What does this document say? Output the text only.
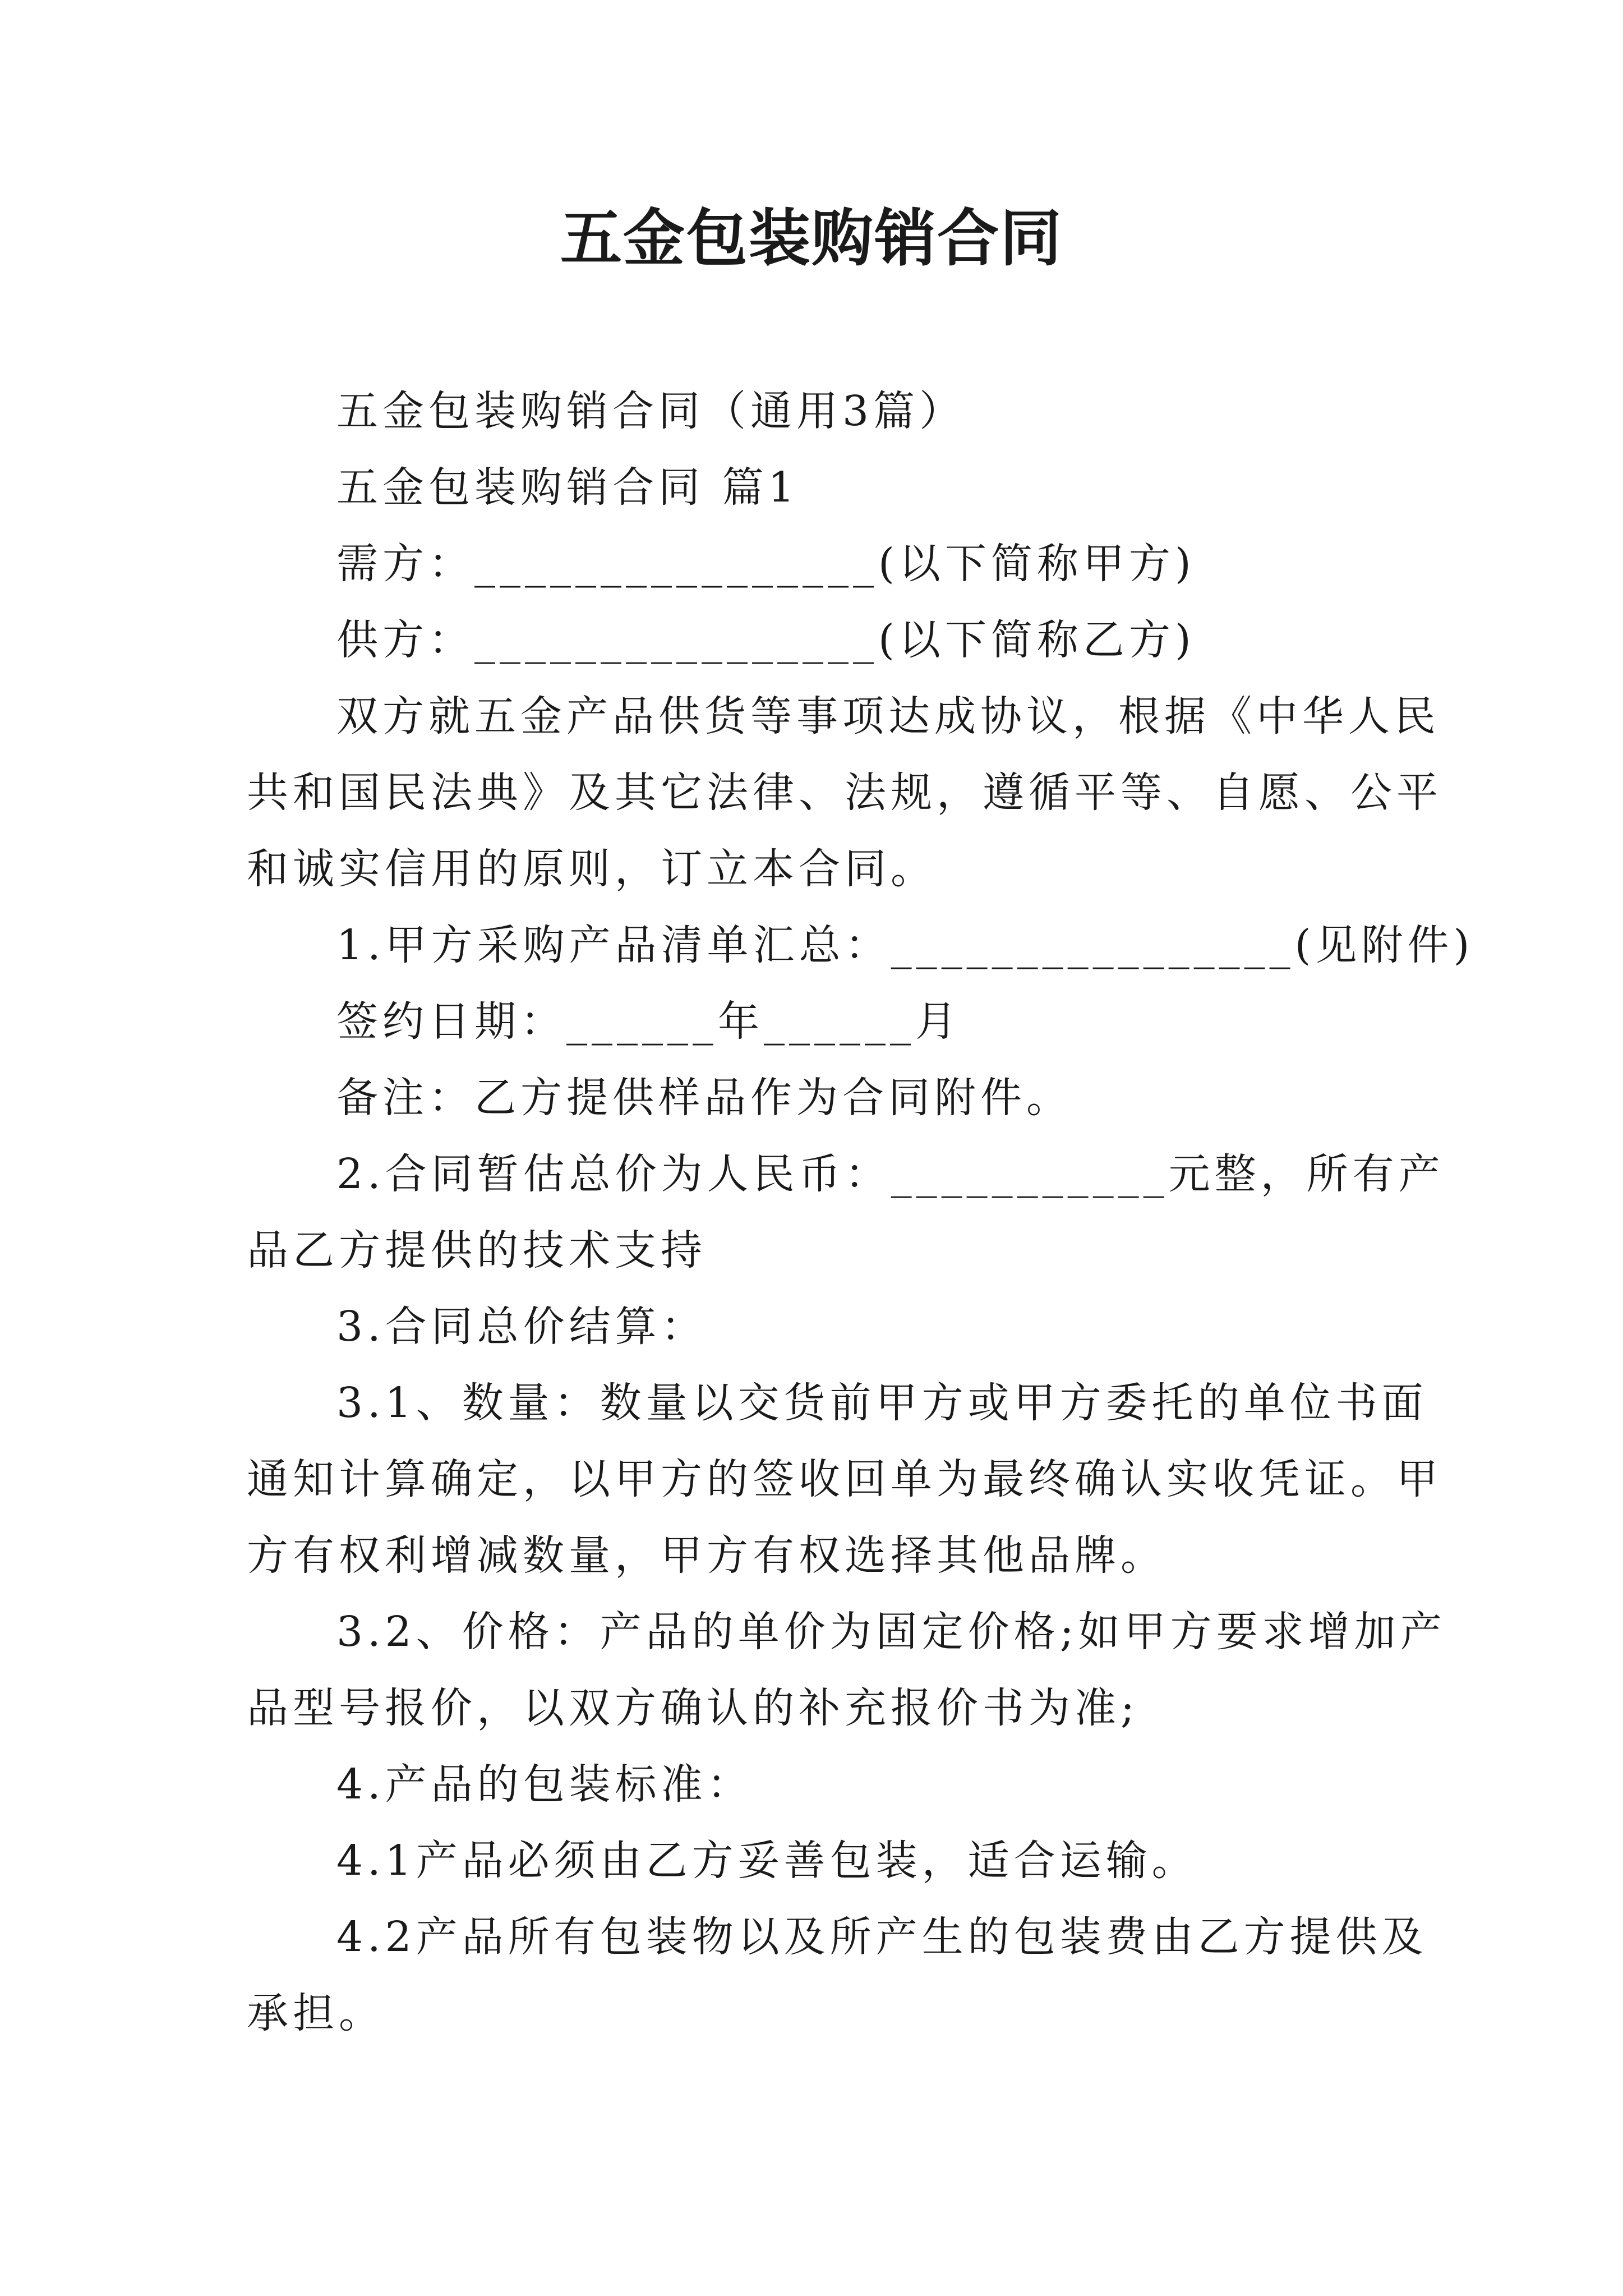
五金包装购销合同

五金包装购销合同（通用3篇）

五金包装购销合同 篇1

需方：________________(以下简称甲方)

供方：________________(以下简称乙方)

双方就五金产品供货等事项达成协议，根据《中华人民

共和国民法典》及其它法律、法规，遵循平等、自愿、公平

和诚实信用的原则，订立本合同。

1.甲方采购产品清单汇总：________________(见附件)

签约日期：______年______月

备注：乙方提供样品作为合同附件。

2.合同暂估总价为人民币：___________元整，所有产

品乙方提供的技术支持

3.合同总价结算：

3.1、数量：数量以交货前甲方或甲方委托的单位书面

通知计算确定，以甲方的签收回单为最终确认实收凭证。甲

方有权利增减数量，甲方有权选择其他品牌。

3.2、价格：产品的单价为固定价格;如甲方要求增加产

品型号报价，以双方确认的补充报价书为准;

4.产品的包装标准：

4.1产品必须由乙方妥善包装，适合运输。

4.2产品所有包装物以及所产生的包装费由乙方提供及

承担。
